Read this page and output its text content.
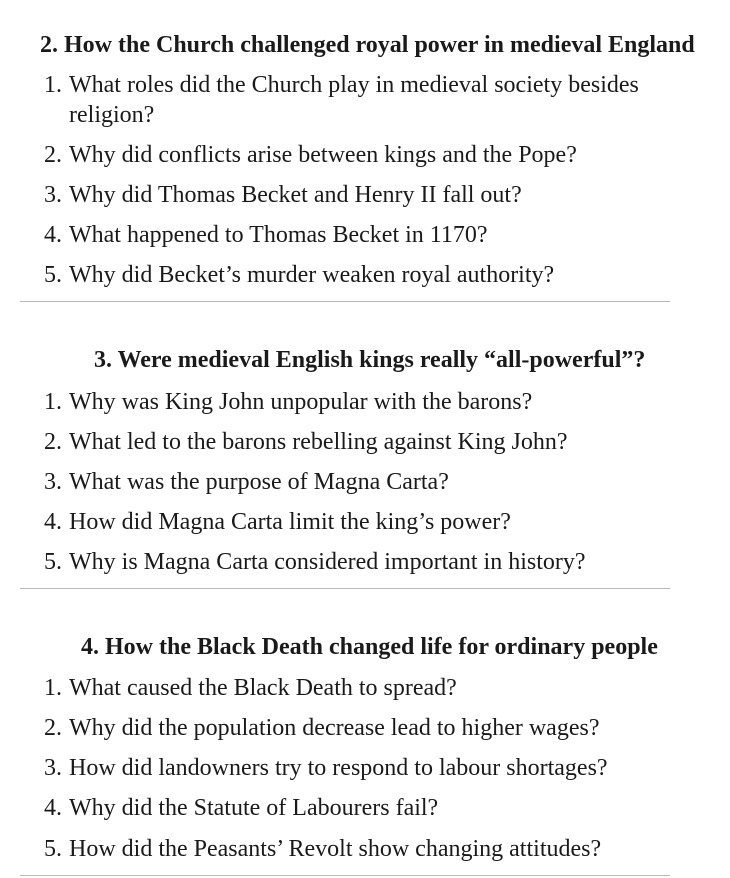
2. How the Church challenged royal power in medieval England

1. What roles did the Church play in medieval society besides
religion?

2. Why did conflicts arise between kings and the Pope?

3. Why did Thomas Becket and Henry II fall out?

4. What happened to Thomas Becket in 1170?

5. Why did Becket’s murder weaken royal authority?

3. Were medieval English kings really “all-powerful”?

1. Why was King John unpopular with the barons?

2. What led to the barons rebelling against King John?

3. What was the purpose of Magna Carta?

4. How did Magna Carta limit the king’s power?

5. Why is Magna Carta considered important in history?

4. How the Black Death changed life for ordinary people

1. What caused the Black Death to spread?

2. Why did the population decrease lead to higher wages?

3. How did landowners try to respond to labour shortages?

4. Why did the Statute of Labourers fail?

5. How did the Peasants’ Revolt show changing attitudes?
